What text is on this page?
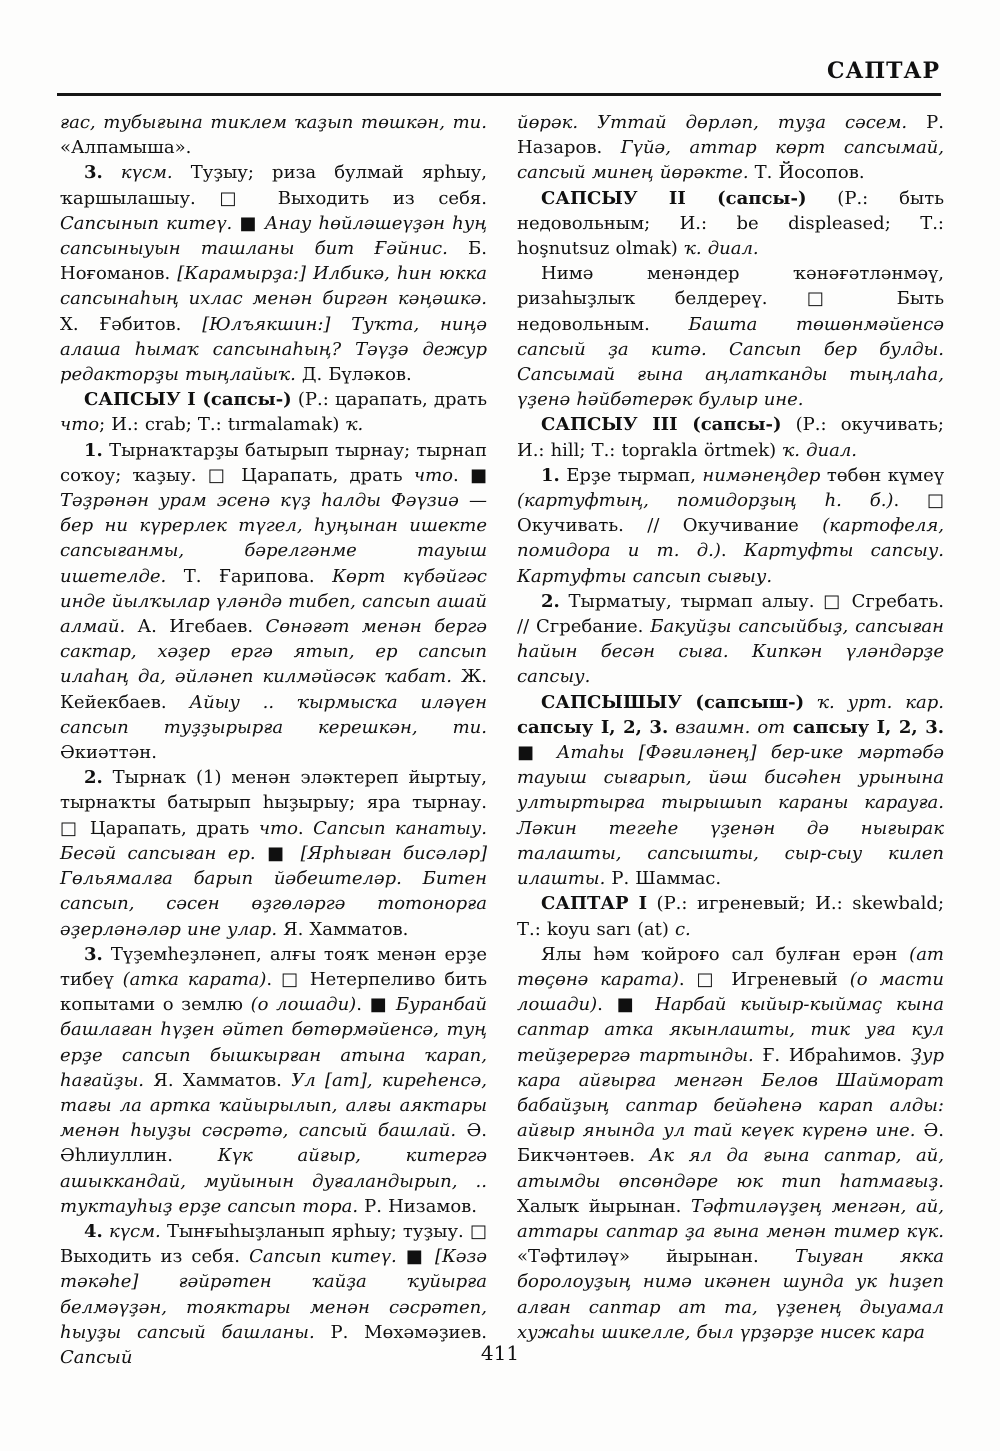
САПТАР

ғас, тубығына тиклем ҡаҙып төшкән, ти. «Алпамыша».

3. күсм. Туҙыу; риза булмай ярһыу, ҡаршылашыу. □ Выходить из себя. Сапсынып китеү. ■ Анау һөйләшеүҙән һуң сапсыныуын ташланы бит Ғәйнис. Б. Ноғоманов. [Карамырҙа:] Илбикә, һин юкка сапсынаһың ихлас менән биргән кәңәшкә. Х. Ғәбитов. [Юлъякшин:] Туҡта, ниңә алаша һымаҡ сапсынаһың? Тәүҙә дежур редакторҙы тыңлайыҡ. Д. Бүләков.

САПСЫУ I (сапсы-) (Р.: царапать, драть что; И.: crab; Т.: tırmalamak) ҡ.

1. Тырнаҡтарҙы батырып тырнау; тырнап соҡоу; ҡаҙыу. □ Царапать, драть что. ■ Тәҙрәнән урам эсенә күҙ һалды Фәүзиә — бер ни күрерлек түгел, һуңынан ишекте сапсығанмы, бәрелгәнме тауыш ишетелде. Т. Ғарипова. Көрт күбәйгәс инде йылҡылар үләндә тибеп, сапсып ашай алмай. А. Игебаев. Сөнәғәт менән бергә сактар, хәҙер ергә ятып, ер сапсып илаһаң да, әйләнеп килмәйәсәк ҡабат. Ж. Кейекбаев. Айыу .. ҡырмысҡа иләүен сапсып туҙҙырырға керешкән, ти. Әкиәттән.

2. Тырнаҡ (1) менән эләктереп йыртыу, тырнаҡты батырып һыҙырыу; яра тырнау. □ Царапать, драть что. Сапсып канатыу. Бесәй сапсыған ер. ■ [Ярһыған бисәләр] Гөльямалға барып йәбештеләр. Битен сапсып, сәсен өҙгөләргә тотонорға әҙерләнәләр ине улар. Я. Хамматов.

3. Түҙемһеҙләнеп, алғы тояҡ менән ерҙе тибеү (атка карата). □ Нетерпеливо бить копытами о землю (о лошади). ■ Буранбай башлаған һүҙен әйтеп бөтөрмәйенсә, туң ерҙе сапсып бышкырған атына ҡарап, һағайҙы. Я. Хамматов. Ул [ат], киреһенсә, тағы ла артка ҡайырылып, алғы аяктары менән һыуҙы сәсрәтә, сапсый башлай. Ә. Әһлиуллин. Күк айғыр, китергә ашыккандай, муйынын дуғаландырып, .. туктауһыҙ ерҙе сапсып тора. Р. Низамов.

4. күсм. Тынғыһыҙланып ярһыу; туҙыу. □ Выходить из себя. Сапсып китеү. ■ [Кәзә тәкәһе] ғәйрәтен ҡайҙа ҡуйырға белмәүҙән, тояктары менән сәсрәтеп, һыуҙы сапсый башланы. Р. Мөхәмәҙиев. Сапсый

йөрәк. Уттай дөрләп, туҙа сәсем. Р. Назаров. Гүйә, аттар көрт сапсымай, сапсый минең йөрәкте. Т. Йосопов.

САПСЫУ II (сапсы-) (Р.: быть недовольным; И.: be displeased; Т.: hoşnutsuz olmak) ҡ. диал.

Нимә менәндер ҡәнәғәтләнмәү, ризаһыҙлыҡ белдереү. □ Быть недовольным. Башта төшөнмәйенсә сапсый ҙа китә. Сапсып бер булды. Сапсымай ғына аңлатканды тыңлаһа, үҙенә һәйбәтерәк булыр ине.

САПСЫУ III (сапсы-) (Р.: окучивать; И.: hill; Т.: toprakla örtmek) ҡ. диал.

1. Ерҙе тырмап, нимәнеңдер төбөн күмеү (картуфтың, помидорҙың һ. б.). □ Окучивать. // Окучивание (картофеля, помидора и т. д.). Картуфты сапсыу. Картуфты сапсып сығыу.

2. Тырматыу, тырмап алыу. □ Сгребать. // Сгребание. Бакуйҙы сапсыйбыҙ, сапсыған һайын бесән сыға. Кипкән үләндәрҙе сапсыу.

САПСЫШЫУ (сапсыш-) ҡ. урт. кар. сапсыу I, 2, 3. взаимн. от сапсыу I, 2, 3. ■ Атаһы [Фәғиләнең] бер-ике мәртәбә тауыш сығарып, йәш бисәһен урынына ултыртырға тырышып караны карауға. Ләкин тегеһе үҙенән дә нығырак талашты, сапсышты, сыр-сыу килеп илашты. Р. Шаммас.

САПТАР I (Р.: игреневый; И.: skewbald; Т.: koyu sarı (at) с.

Ялы һәм ҡойроғо сал булған ерән (ат төҫөнә карата). □ Игреневый (о масти лошади). ■ Нарбай кыйыр-кыймаҫ кына саптар атка якынлашты, тик уға кул тейҙерергә тартынды. Ғ. Ибраһимов. Ҙур кара айғырға менгән Белов Шайморат бабайҙың саптар бейәһенә карап алды: айғыр янында ул тай кеүек күренә ине. Ә. Бикчәнтәев. Ак ял да ғына саптар, ай, атымды өпсөндәре юк тип һатмағыҙ. Халыҡ йырынан. Тәфтиләүҙең менгән, ай, аттары саптар ҙа ғына менән тимер күк. «Тәфтиләү» йырынан. Тыуған якка боролоуҙың нимә икәнен шунда ук һиҙеп алған саптар ат та, үҙенең дыуамал хужаһы шикелле, был үрҙәрҙе нисек кара

411
